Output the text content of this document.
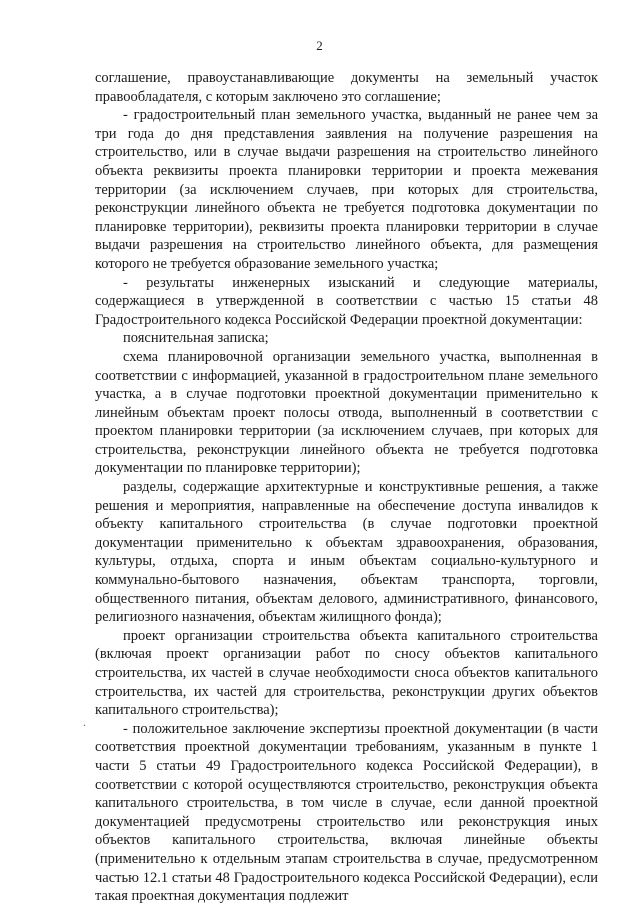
2
.

соглашение, правоустанавливающие документы на земельный участок правообладателя, с которым заключено это соглашение;

- градостроительный план земельного участка, выданный не ранее чем за три года до дня представления заявления на получение разрешения на строительство, или в случае выдачи разрешения на строительство линейного объекта реквизиты проекта планировки территории и проекта межевания территории (за исключением случаев, при которых для строительства, реконструкции линейного объекта не требуется подготовка документации по планировке территории), реквизиты проекта планировки территории в случае выдачи разрешения на строительство линейного объекта, для размещения которого не требуется образование земельного участка;

- результаты инженерных изысканий и следующие материалы, содержащиеся в утвержденной в соответствии с частью 15 статьи 48 Градостроительного кодекса Российской Федерации проектной документации:

пояснительная записка;

схема планировочной организации земельного участка, выполненная в соответствии с информацией, указанной в градостроительном плане земельного участка, а в случае подготовки проектной документации применительно к линейным объектам проект полосы отвода, выполненный в соответствии с проектом планировки территории (за исключением случаев, при которых для строительства, реконструкции линейного объекта не требуется подготовка документации по планировке территории);

разделы, содержащие архитектурные и конструктивные решения, а также решения и мероприятия, направленные на обеспечение доступа инвалидов к объекту капитального строительства (в случае подготовки проектной документации применительно к объектам здравоохранения, образования, культуры, отдыха, спорта и иным объектам социально-культурного и коммунально-бытового назначения, объектам транспорта, торговли, общественного питания, объектам делового, административного, финансового, религиозного назначения, объектам жилищного фонда);

проект организации строительства объекта капитального строительства (включая проект организации работ по сносу объектов капитального строительства, их частей в случае необходимости сноса объектов капитального строительства, их частей для строительства, реконструкции других объектов капитального строительства);

- положительное заключение экспертизы проектной документации (в части соответствия проектной документации требованиям, указанным в пункте 1 части 5 статьи 49 Градостроительного кодекса Российской Федерации), в соответствии с которой осуществляются строительство, реконструкция объекта капитального строительства, в том числе в случае, если данной проектной документацией предусмотрены строительство или реконструкция иных объектов капитального строительства, включая линейные объекты (применительно к отдельным этапам строительства в случае, предусмотренном частью 12.1 статьи 48 Градостроительного кодекса Российской Федерации), если такая проектная документация подлежит
